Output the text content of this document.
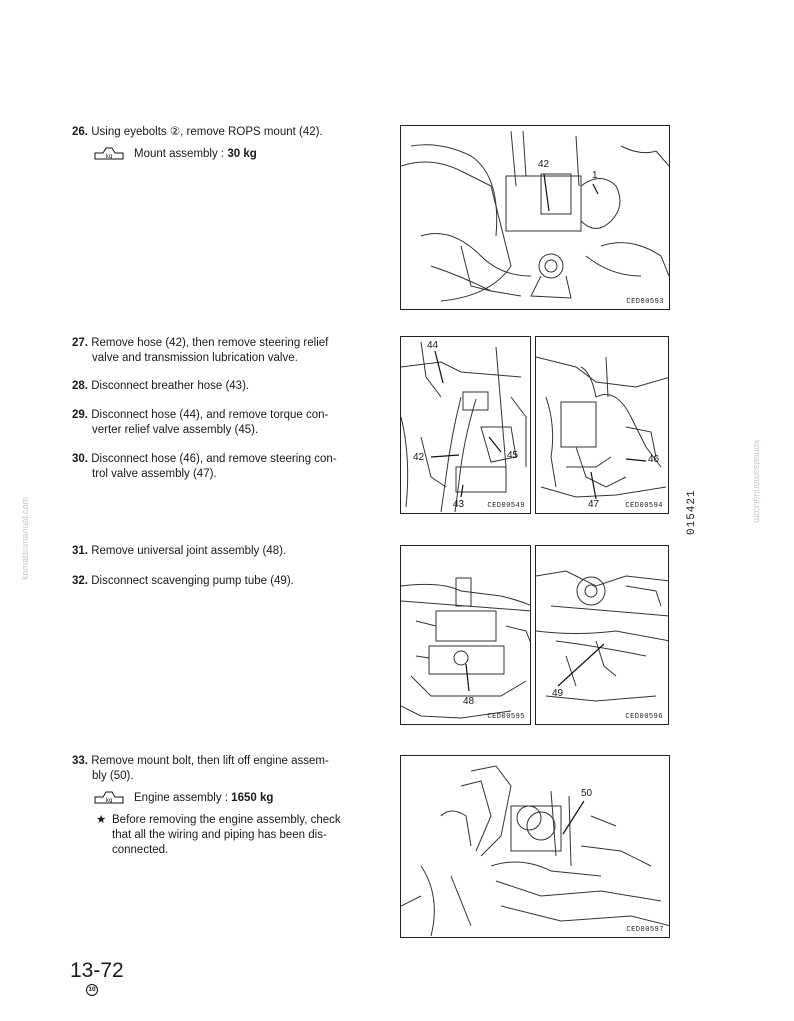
komatsumanual.com
komatsumanual.com
26. Using eyebolts ②, remove ROPS mount (42).
kg Mount assembly : 30 kg
42
1
CED00593
27. Remove hose (42), then remove steering relief
valve and transmission lubrication valve.
28. Disconnect breather hose (43).
29. Disconnect hose (44), and remove torque con-
verter relief valve assembly (45).
30. Disconnect hose (46), and remove steering con-
trol valve assembly (47).
44
42	45
43	CED00549
46
47	CED00594
31. Remove universal joint assembly (48).
32. Disconnect scavenging pump tube (49).
48
CED00595
49
CED00596
33. Remove mount bolt, then lift off engine assem-
bly (50).
kg Engine assembly : 1650 kg
★ Before removing the engine assembly, check
that all the wiring and piping has been dis-
connected.
50
CED00597
015421
13-72
10
